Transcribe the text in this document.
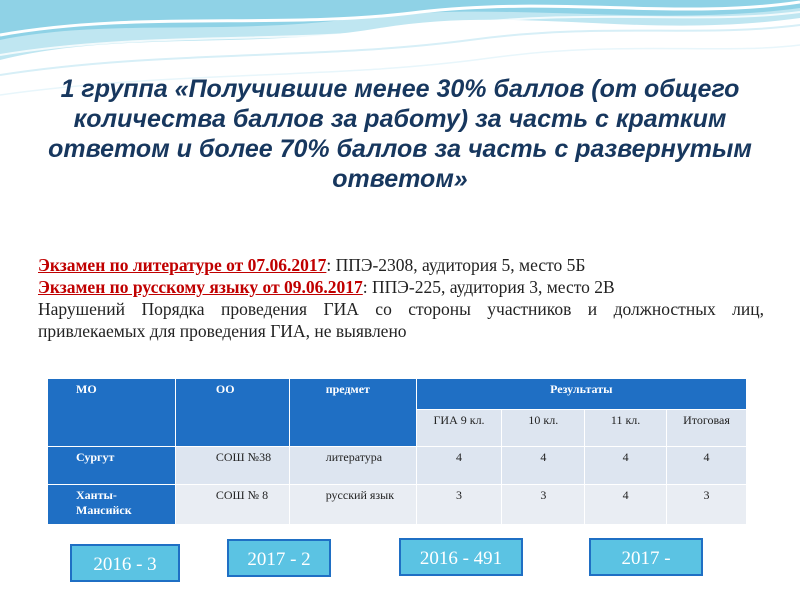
1 группа «Получившие менее 30% баллов (от общего количества баллов за работу) за часть с кратким ответом и более 70% баллов за часть с развернутым ответом»

Экзамен по литературе от 07.06.2017: ППЭ-2308, аудитория 5, место 5Б

Экзамен по русскому языку от 09.06.2017: ППЭ-225, аудитория 3, место 2В

Нарушений Порядка проведения ГИА со стороны участников и должностных лиц, привлекаемых для проведения ГИА, не выявлено

МО	ОО	предмет	Результаты			
			ГИА 9 кл.	10 кл.	11 кл.	Итоговая
Сургут	СОШ №38	литература	4	4	4	4
Ханты-Мансийск	СОШ № 8	русский язык	3	3	4	3
2016 - 3	2017 - 2	2016 - 491	2017 - 358
